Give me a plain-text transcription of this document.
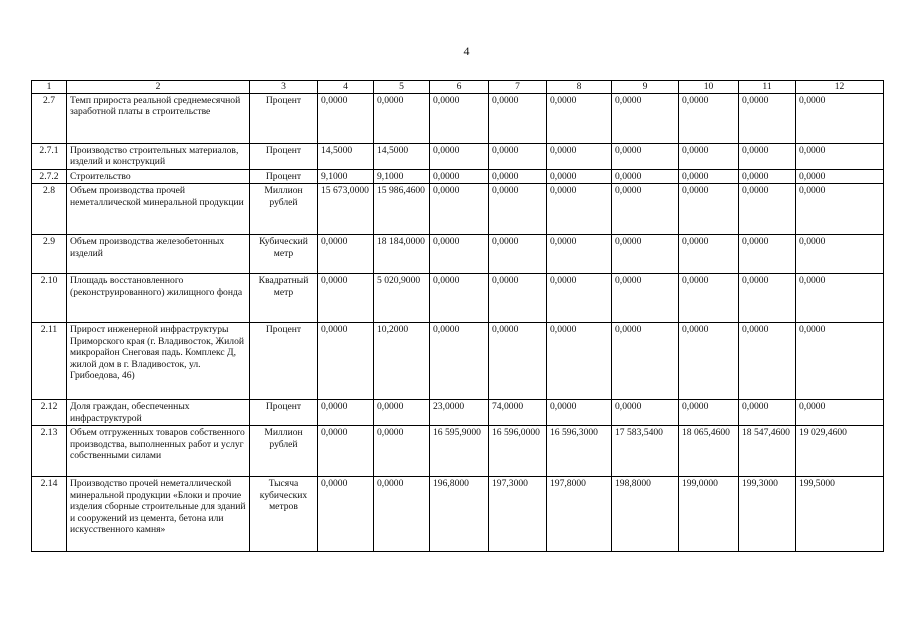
4
1	2	3	4	5	6	7	8	9	10	11	12
2.7	Темп прироста реальной среднемесячной заработной платы в строительстве	Процент	0,0000	0,0000	0,0000	0,0000	0,0000	0,0000	0,0000	0,0000	0,0000
2.7.1	Производство строительных материалов, изделий и конструкций	Процент	14,5000	14,5000	0,0000	0,0000	0,0000	0,0000	0,0000	0,0000	0,0000
2.7.2	Строительство	Процент	9,1000	9,1000	0,0000	0,0000	0,0000	0,0000	0,0000	0,0000	0,0000
2.8	Объем производства прочей неметаллической минеральной продукции	Миллион рублей	15 673,0000	15 986,4600	0,0000	0,0000	0,0000	0,0000	0,0000	0,0000	0,0000
2.9	Объем производства железобетонных изделий	Кубический метр	0,0000	18 184,0000	0,0000	0,0000	0,0000	0,0000	0,0000	0,0000	0,0000
2.10	Площадь восстановленного (реконструированного) жилищного фонда	Квадратный метр	0,0000	5 020,9000	0,0000	0,0000	0,0000	0,0000	0,0000	0,0000	0,0000
2.11	Прирост инженерной инфраструктуры Приморского края (г. Владивосток, Жилой микрорайон Снеговая падь. Комплекс Д, жилой дом в г. Владивосток, ул. Грибоедова, 46)	Процент	0,0000	10,2000	0,0000	0,0000	0,0000	0,0000	0,0000	0,0000	0,0000
2.12	Доля граждан, обеспеченных инфраструктурой	Процент	0,0000	0,0000	23,0000	74,0000	0,0000	0,0000	0,0000	0,0000	0,0000
2.13	Объем отгруженных товаров собственного производства, выполненных работ и услуг собственными силами	Миллион рублей	0,0000	0,0000	16 595,9000	16 596,0000	16 596,3000	17 583,5400	18 065,4600	18 547,4600	19 029,4600
2.14	Производство прочей неметаллической минеральной продукции «Блоки и прочие изделия сборные строительные для зданий и сооружений из цемента, бетона или искусственного камня»	Тысяча кубических метров	0,0000	0,0000	196,8000	197,3000	197,8000	198,8000	199,0000	199,3000	199,5000
